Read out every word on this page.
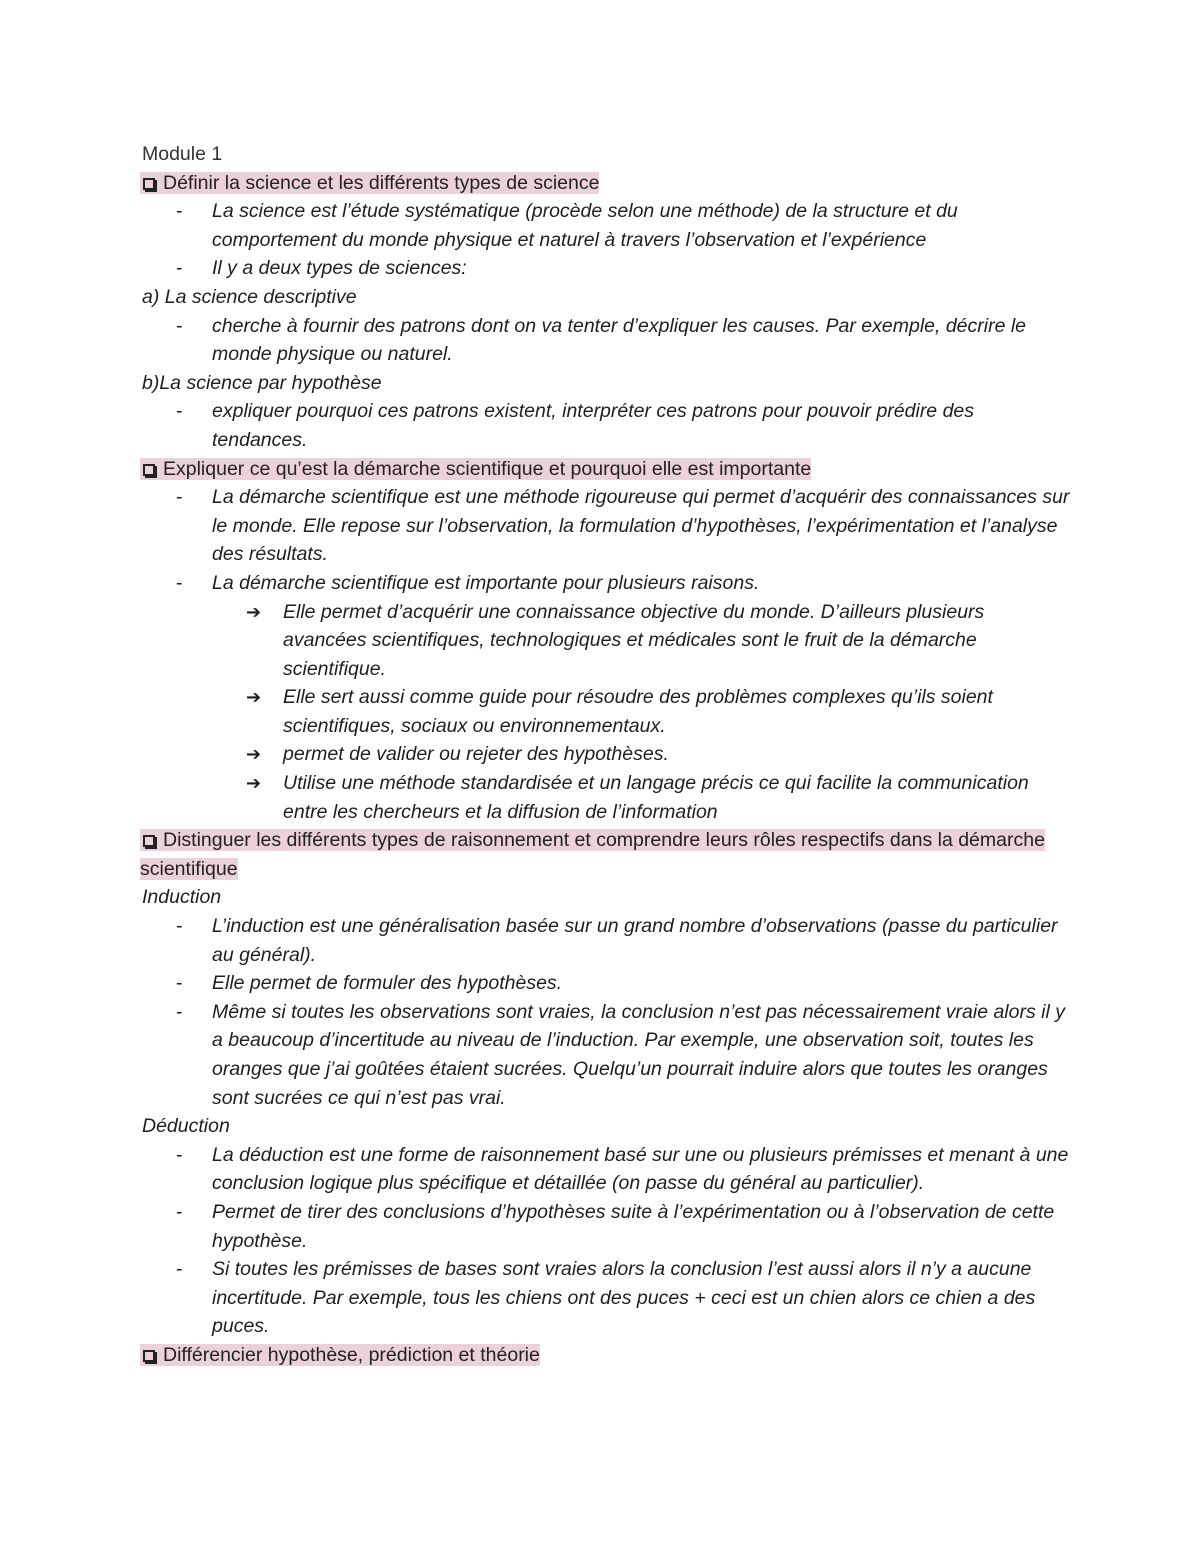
Module 1

Définir la science et les différents types de science

- La science est l’étude systématique (procède selon une méthode) de la structure et du comportement du monde physique et naturel à travers l’observation et l’expérience

- Il y a deux types de sciences:

a) La science descriptive

- cherche à fournir des patrons dont on va tenter d’expliquer les causes. Par exemple, décrire le monde physique ou naturel.

b)La science par hypothèse

- expliquer pourquoi ces patrons existent, interpréter ces patrons pour pouvoir prédire des tendances.

Expliquer ce qu’est la démarche scientifique et pourquoi elle est importante

- La démarche scientifique est une méthode rigoureuse qui permet d’acquérir des connaissances sur le monde. Elle repose sur l’observation, la formulation d’hypothèses, l’expérimentation et l’analyse des résultats.

- La démarche scientifique est importante pour plusieurs raisons.

➔ Elle permet d’acquérir une connaissance objective du monde. D’ailleurs plusieurs avancées scientifiques, technologiques et médicales sont le fruit de la démarche scientifique.

➔ Elle sert aussi comme guide pour résoudre des problèmes complexes qu’ils soient scientifiques, sociaux ou environnementaux.

➔ permet de valider ou rejeter des hypothèses.

➔ Utilise une méthode standardisée et un langage précis ce qui facilite la communication entre les chercheurs et la diffusion de l’information

Distinguer les différents types de raisonnement et comprendre leurs rôles respectifs dans la démarche scientifique

Induction

- L’induction est une généralisation basée sur un grand nombre d’observations (passe du particulier au général).

- Elle permet de formuler des hypothèses.

- Même si toutes les observations sont vraies, la conclusion n’est pas nécessairement vraie alors il y a beaucoup d’incertitude au niveau de l’induction. Par exemple, une observation soit, toutes les oranges que j’ai goûtées étaient sucrées. Quelqu’un pourrait induire alors que toutes les oranges sont sucrées ce qui n’est pas vrai.

Déduction

- La déduction est une forme de raisonnement basé sur une ou plusieurs prémisses et menant à une conclusion logique plus spécifique et détaillée (on passe du général au particulier).

- Permet de tirer des conclusions d’hypothèses suite à l’expérimentation ou à l’observation de cette hypothèse.

- Si toutes les prémisses de bases sont vraies alors la conclusion l’est aussi alors il n’y a aucune incertitude. Par exemple, tous les chiens ont des puces + ceci est un chien alors ce chien a des puces.

Différencier hypothèse, prédiction et théorie
